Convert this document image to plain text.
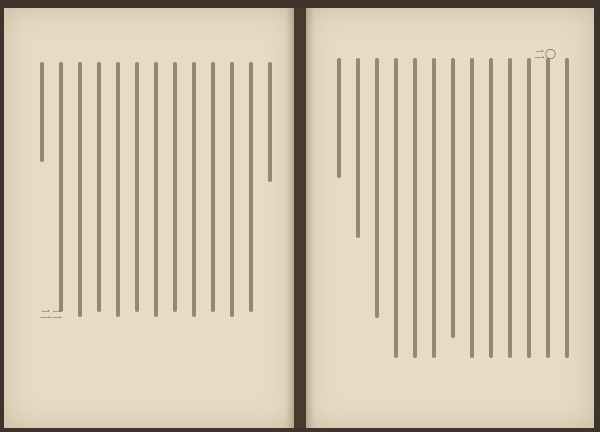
二二
二〇
